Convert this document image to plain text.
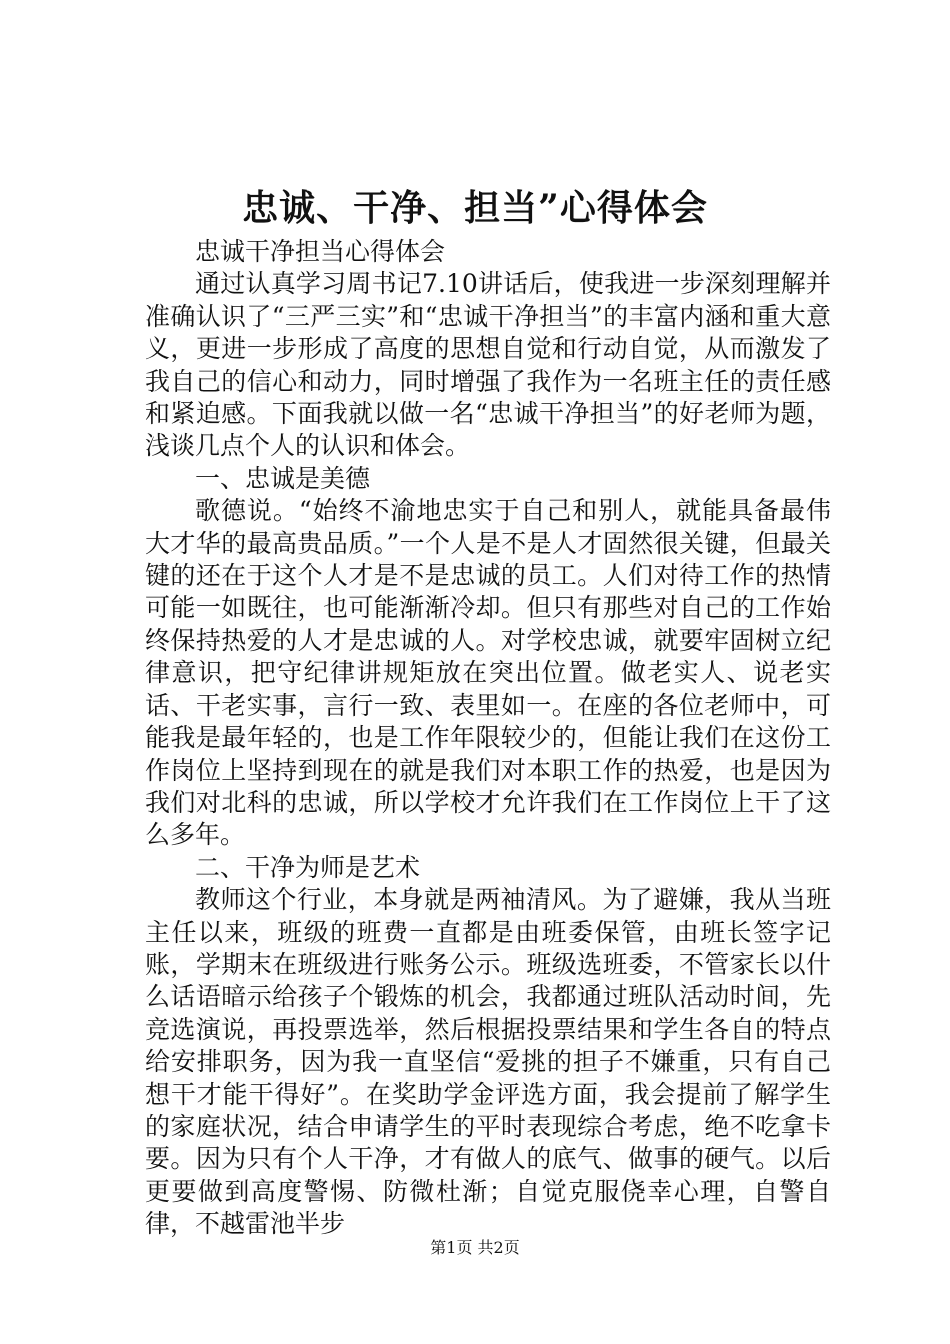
忠诚、干净、担当”心得体会

忠诚干净担当心得体会

通过认真学习周书记7.10讲话后，使我进一步深刻理解并准确认识了“三严三实”和“忠诚干净担当”的丰富内涵和重大意义，更进一步形成了高度的思想自觉和行动自觉，从而激发了我自己的信心和动力，同时增强了我作为一名班主任的责任感和紧迫感。下面我就以做一名“忠诚干净担当”的好老师为题，浅谈几点个人的认识和体会。

一、忠诚是美德

歌德说。“始终不渝地忠实于自己和别人，就能具备最伟大才华的最高贵品质。”一个人是不是人才固然很关键，但最关键的还在于这个人才是不是忠诚的员工。人们对待工作的热情可能一如既往，也可能渐渐冷却。但只有那些对自己的工作始终保持热爱的人才是忠诚的人。对学校忠诚，就要牢固树立纪律意识，把守纪律讲规矩放在突出位置。做老实人、说老实话、干老实事，言行一致、表里如一。在座的各位老师中，可能我是最年轻的，也是工作年限较少的，但能让我们在这份工作岗位上坚持到现在的就是我们对本职工作的热爱，也是因为我们对北科的忠诚，所以学校才允许我们在工作岗位上干了这么多年。

二、干净为师是艺术

教师这个行业，本身就是两袖清风。为了避嫌，我从当班主任以来，班级的班费一直都是由班委保管，由班长签字记账，学期末在班级进行账务公示。班级选班委，不管家长以什么话语暗示给孩子个锻炼的机会，我都通过班队活动时间，先竞选演说，再投票选举，然后根据投票结果和学生各自的特点给安排职务，因为我一直坚信“爱挑的担子不嫌重，只有自己想干才能干得好”。在奖助学金评选方面，我会提前了解学生的家庭状况，结合申请学生的平时表现综合考虑，绝不吃拿卡要。因为只有个人干净，才有做人的底气、做事的硬气。以后更要做到高度警惕、防微杜渐；自觉克服侥幸心理，自警自律，不越雷池半步

第1页 共2页
